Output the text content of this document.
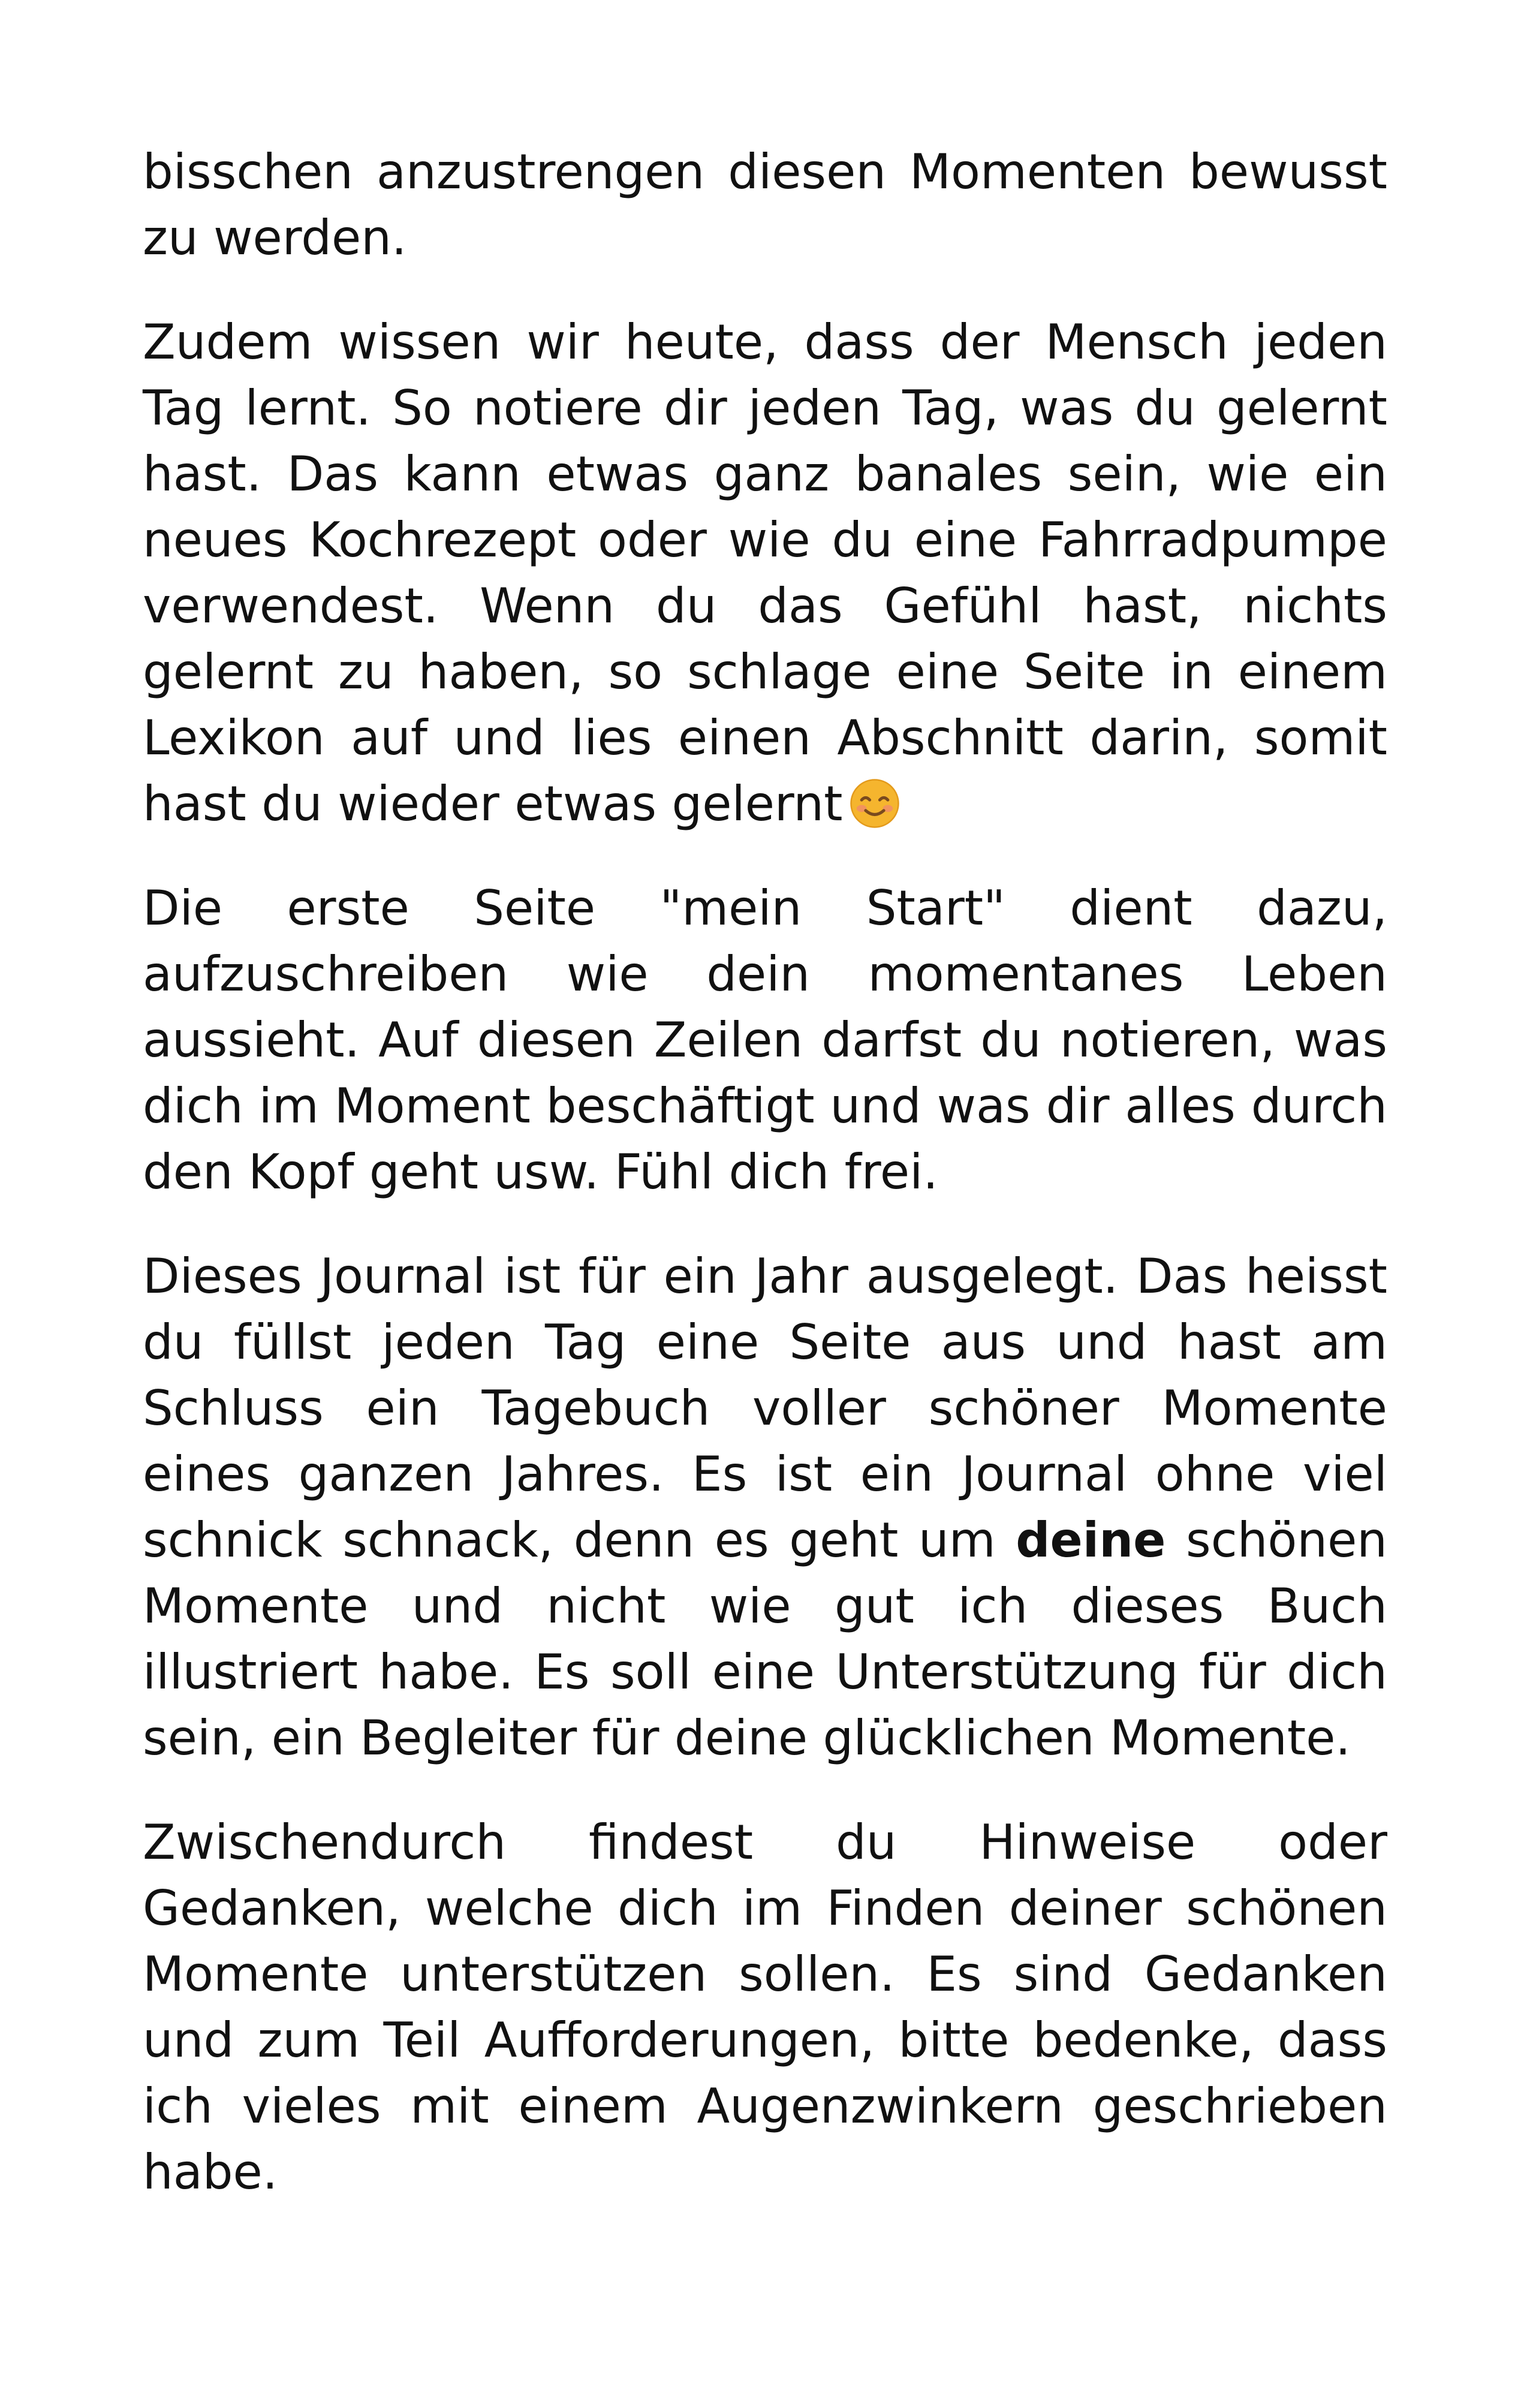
bisschen anzustrengen diesen Momenten bewusst zu werden.

Zudem wissen wir heute, dass der Mensch jeden Tag lernt. So notiere dir jeden Tag, was du gelernt hast. Das kann etwas ganz banales sein, wie ein neues Kochrezept oder wie du eine Fahrradpumpe verwendest. Wenn du das Gefühl hast, nichts gelernt zu haben, so schlage eine Seite in einem Lexikon auf und lies einen Abschnitt darin, somit hast du wieder etwas gelernt

Die erste Seite "mein Start" dient dazu, aufzuschreiben wie dein momentanes Leben aussieht. Auf diesen Zeilen darfst du notieren, was dich im Moment beschäftigt und was dir alles durch den Kopf geht usw. Fühl dich frei.

Dieses Journal ist für ein Jahr ausgelegt. Das heisst du füllst jeden Tag eine Seite aus und hast am Schluss ein Tagebuch voller schöner Momente eines ganzen Jahres. Es ist ein Journal ohne viel schnick schnack, denn es geht um deine schönen Momente und nicht wie gut ich dieses Buch illustriert habe. Es soll eine Unterstützung für dich sein, ein Begleiter für deine glücklichen Momente.

Zwischendurch findest du Hinweise oder Gedanken, welche dich im Finden deiner schönen Momente unterstützen sollen. Es sind Gedanken und zum Teil Aufforderungen, bitte bedenke, dass ich vieles mit einem Augenzwinkern geschrieben habe.
